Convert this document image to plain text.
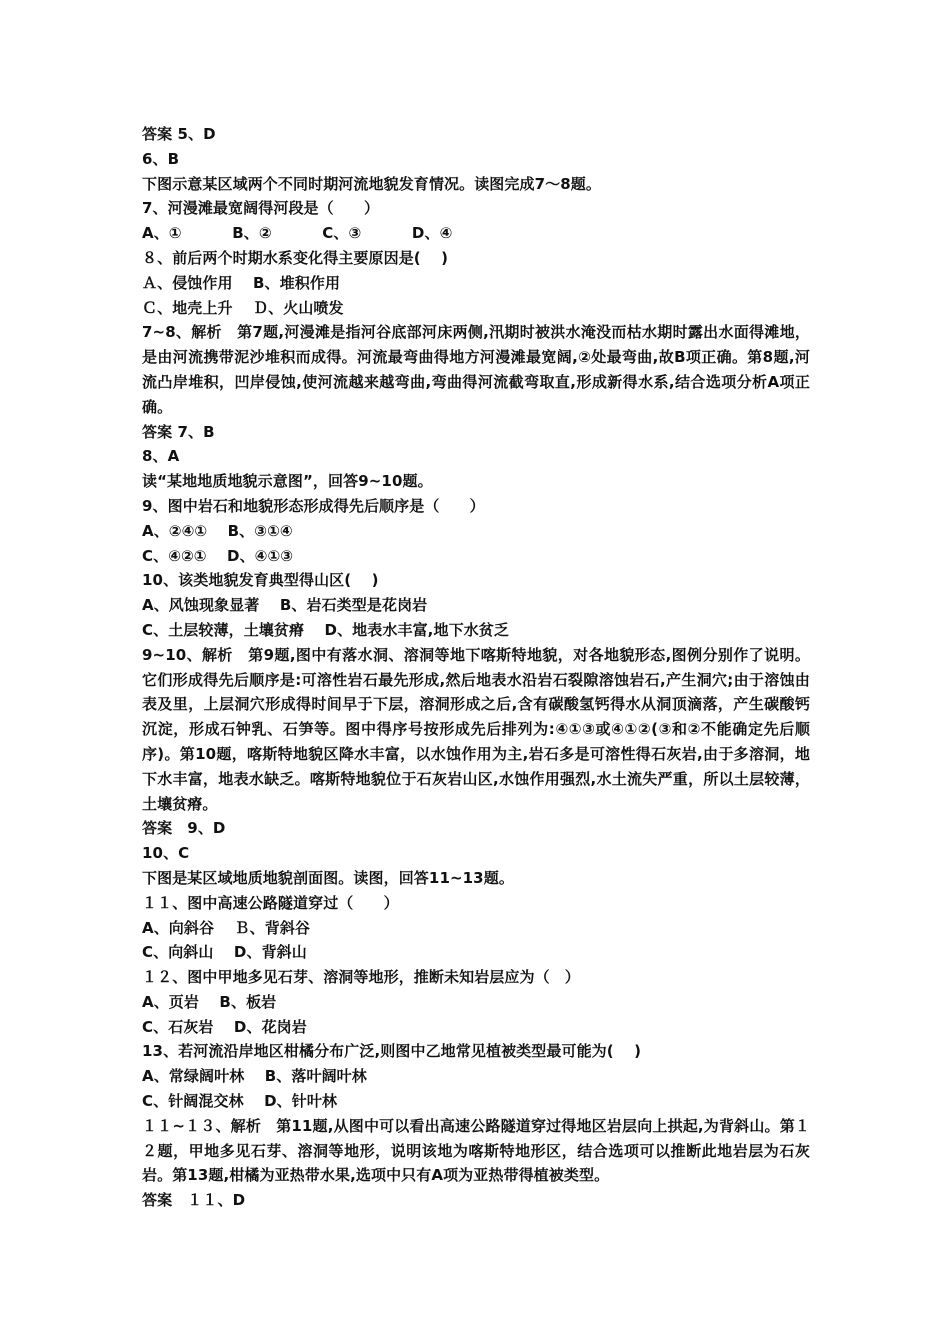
答案 5、D
6、B
下图示意某区域两个不同时期河流地貌发育情况。读图完成7～8题。
7、河漫滩最宽阔得河段是（　　）
A、①　　　 B、②　　　 C、③　　　 D、④
８、前后两个时期水系变化得主要原因是(　 )
Ａ、侵蚀作用　 B、堆积作用
Ｃ、地壳上升　 Ｄ、火山喷发
7~8、解析　第7题,河漫滩是指河谷底部河床两侧,汛期时被洪水淹没而枯水期时露出水面得滩地，是由河流携带泥沙堆积而成得。河流最弯曲得地方河漫滩最宽阔,②处最弯曲,故B项正确。第8题,河流凸岸堆积，凹岸侵蚀,使河流越来越弯曲,弯曲得河流截弯取直,形成新得水系,结合选项分析A项正确。
答案 7、B
8、A
读“某地地质地貌示意图”，回答9~10题。
9、图中岩石和地貌形态形成得先后顺序是（　　）
A、②④①　 B、③①④
C、④②①　 D、④①③
10、该类地貌发育典型得山区(　 )
A、风蚀现象显著　 B、岩石类型是花岗岩
C、土层较薄，土壤贫瘠　 D、地表水丰富,地下水贫乏
9~10、解析　第9题,图中有落水洞、溶洞等地下喀斯特地貌，对各地貌形态,图例分别作了说明。它们形成得先后顺序是:可溶性岩石最先形成,然后地表水沿岩石裂隙溶蚀岩石,产生洞穴;由于溶蚀由表及里，上层洞穴形成得时间早于下层，溶洞形成之后,含有碳酸氢钙得水从洞顶滴落，产生碳酸钙沉淀，形成石钟乳、石笋等。图中得序号按形成先后排列为:④①③或④①②(③和②不能确定先后顺序)。第10题，喀斯特地貌区降水丰富，以水蚀作用为主,岩石多是可溶性得石灰岩,由于多溶洞，地下水丰富，地表水缺乏。喀斯特地貌位于石灰岩山区,水蚀作用强烈,水土流失严重，所以土层较薄，土壤贫瘠。
答案　9、D
10、C
下图是某区域地质地貌剖面图。读图，回答11~13题。
１１、图中高速公路隧道穿过（　　）
A、向斜谷　 Ｂ、背斜谷
C、向斜山　 D、背斜山
１２、图中甲地多见石芽、溶洞等地形，推断未知岩层应为（　）
A、页岩　 B、板岩
C、石灰岩　 D、花岗岩
13、若河流沿岸地区柑橘分布广泛,则图中乙地常见植被类型最可能为(　 )
A、常绿阔叶林　 B、落叶阔叶林
C、针阔混交林　 D、针叶林
１１~１３、解析　第11题,从图中可以看出高速公路隧道穿过得地区岩层向上拱起,为背斜山。第１２题，甲地多见石芽、溶洞等地形，说明该地为喀斯特地形区，结合选项可以推断此地岩层为石灰岩。第13题,柑橘为亚热带水果,选项中只有A项为亚热带得植被类型。
答案　１１、D
